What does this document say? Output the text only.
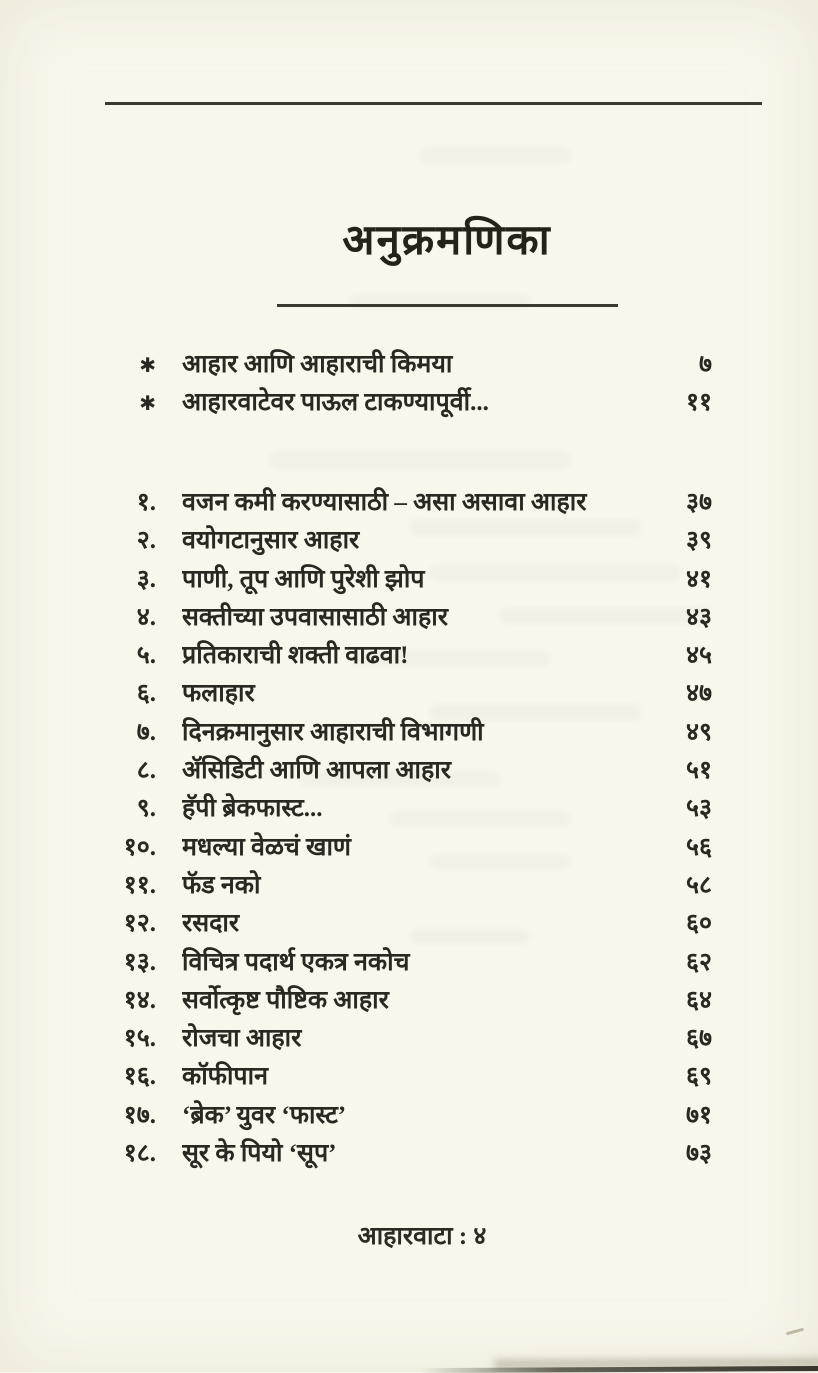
अनुक्रमणिका
✱ आहार आणि आहाराची किमया	७
✱ आहारवाटेवर पाऊल टाकण्यापूर्वी...	११
१. वजन कमी करण्यासाठी – असा असावा आहार	३७
२. वयोगटानुसार आहार	३९
३. पाणी, तूप आणि पुरेशी झोप	४१
४. सक्तीच्या उपवासासाठी आहार	४३
५. प्रतिकाराची शक्ती वाढवा!	४५
६. फलाहार	४७
७. दिनक्रमानुसार आहाराची विभागणी	४९
८. ॲसिडिटी आणि आपला आहार	५१
९. हॅपी ब्रेकफास्ट...	५३
१०. मधल्या वेळचं खाणं	५६
११. फॅड नको	५८
१२. रसदार	६०
१३. विचित्र पदार्थ एकत्र नकोच	६२
१४. सर्वोत्कृष्ट पौष्टिक आहार	६४
१५. रोजचा आहार	६७
१६. कॉफीपान	६९
१७. ‘ब्रेक’ युवर ‘फास्ट’	७१
१८. सूर के पियो ‘सूप’	७३
आहारवाटा : ४
